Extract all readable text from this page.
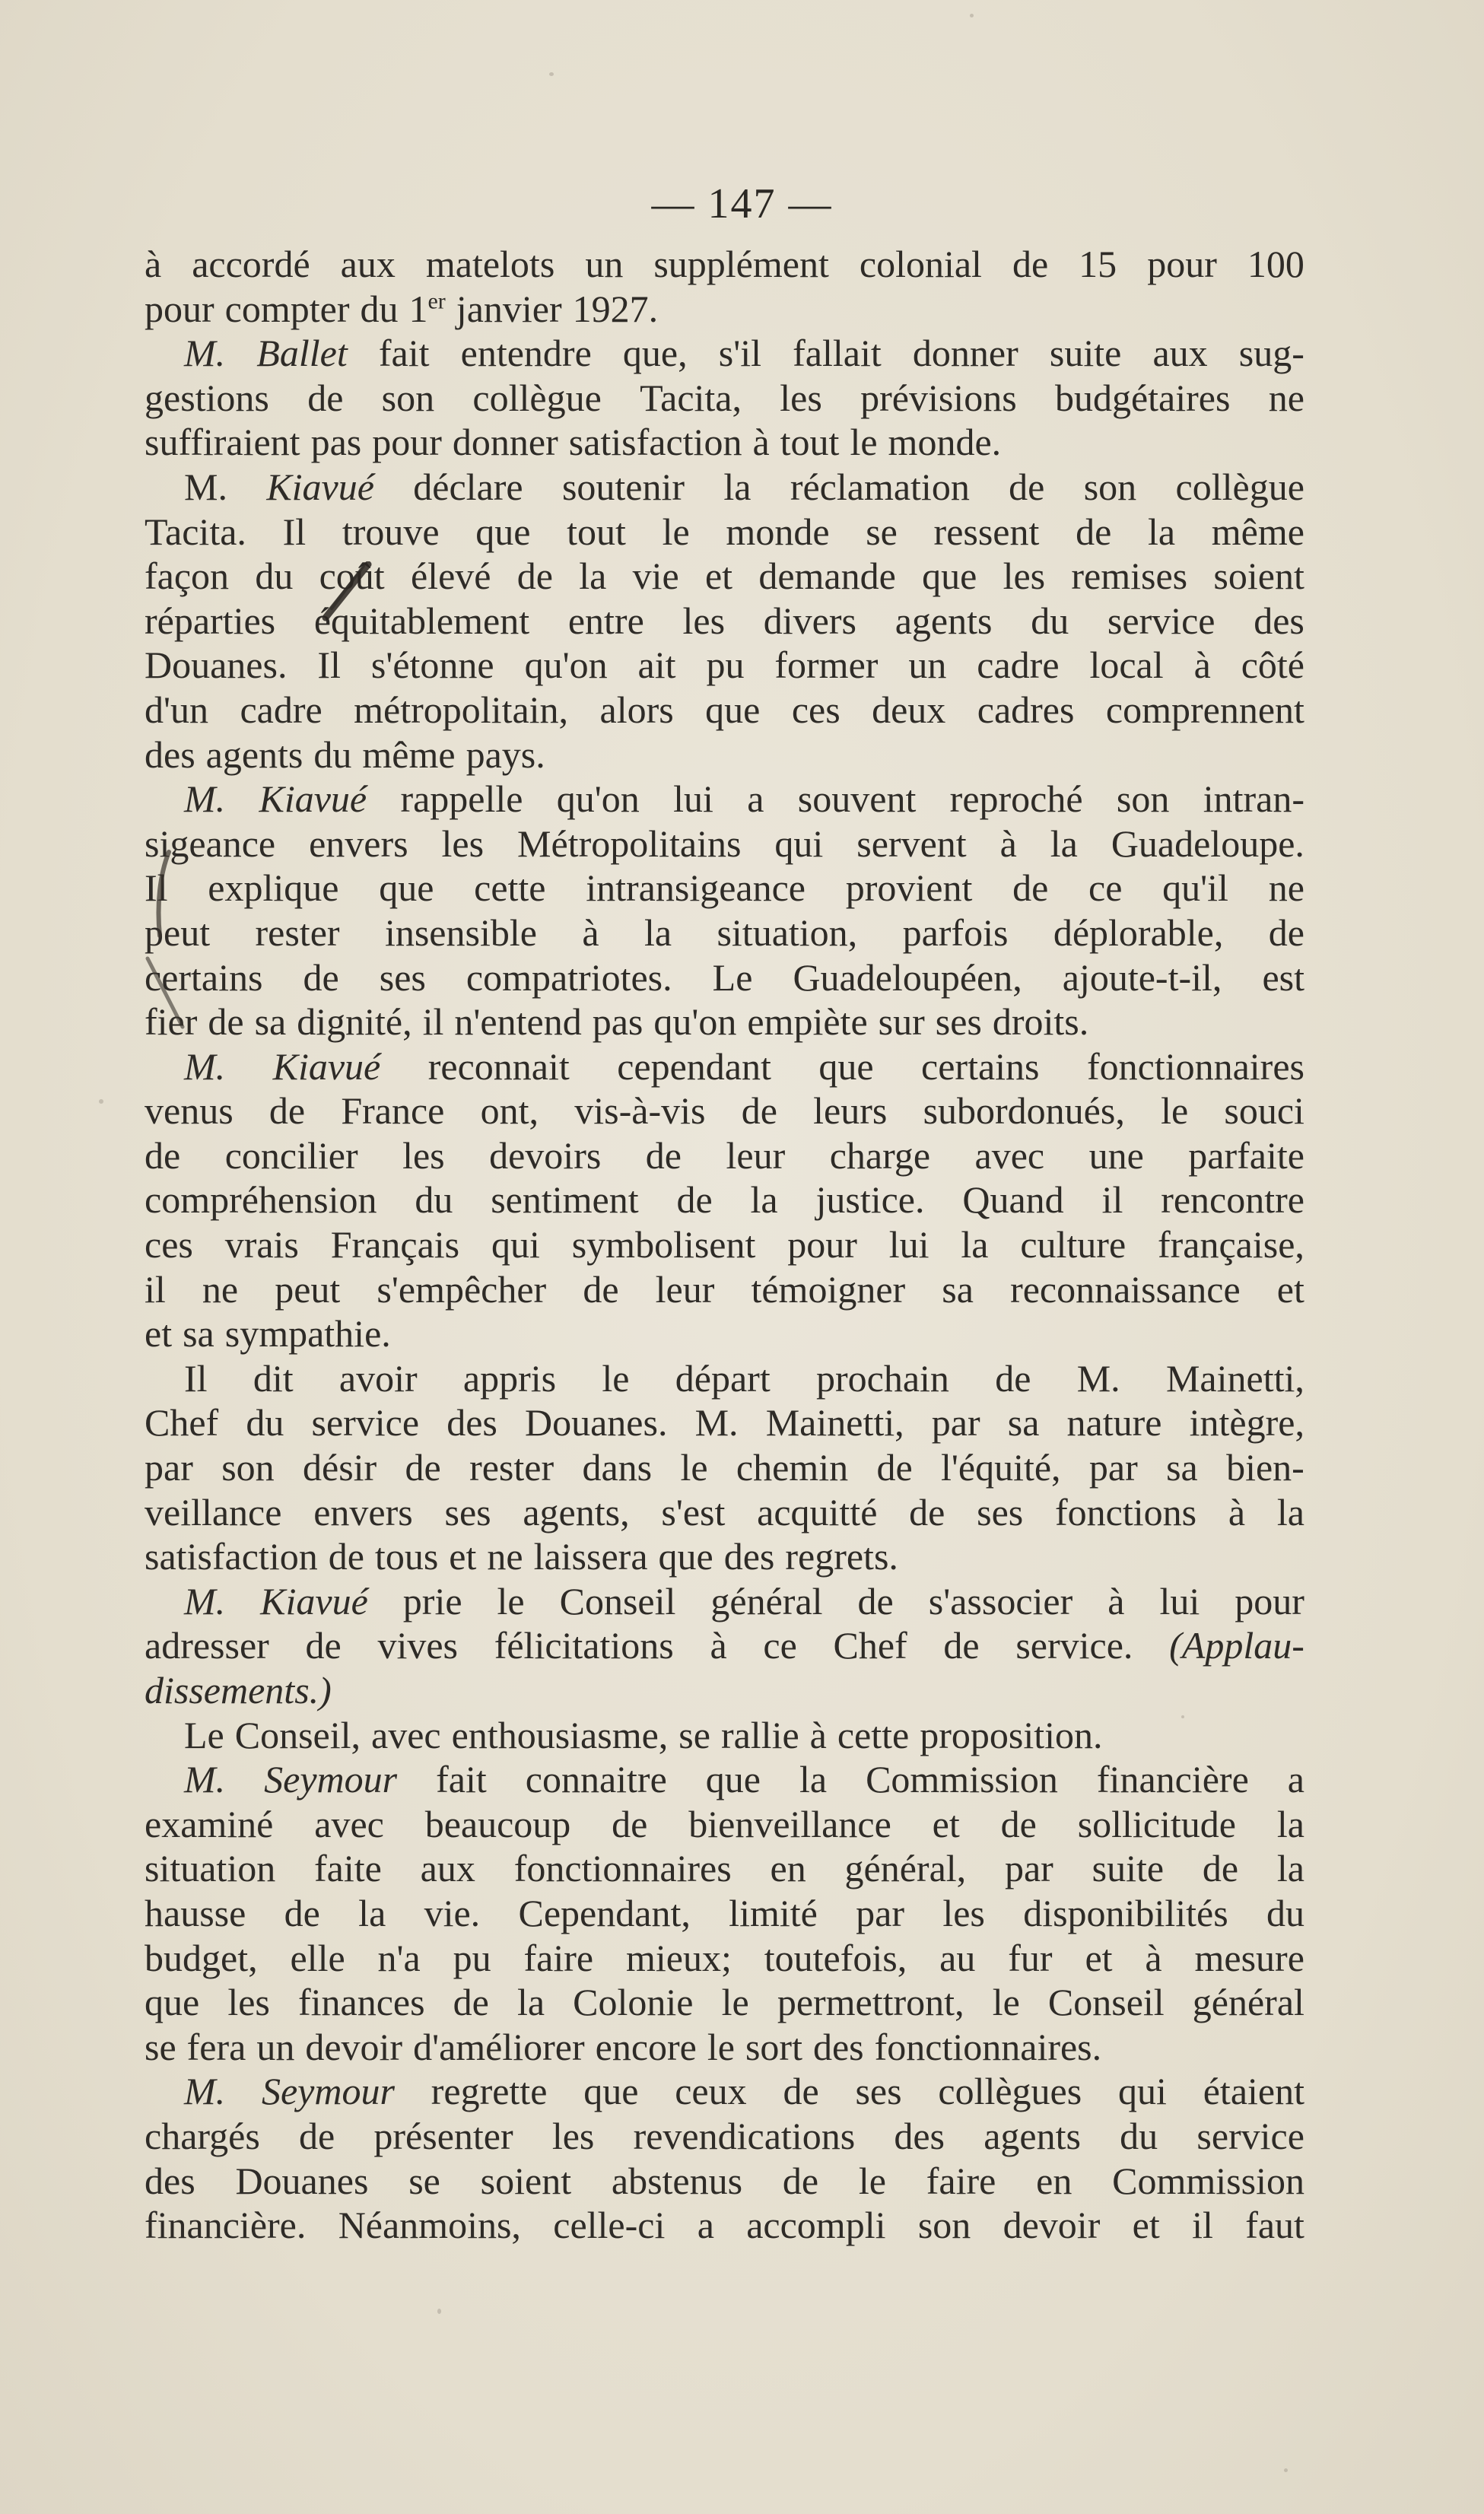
— 147 —
à accordé aux matelots un supplément colonial de 15 pour 100
pour compter du 1er janvier 1927.
M. Ballet fait entendre que, s'il fallait donner suite aux sug-
gestions de son collègue Tacita, les prévisions budgétaires ne
suffiraient pas pour donner satisfaction à tout le monde.
M. Kiavué déclare soutenir la réclamation de son collègue
Tacita. Il trouve que tout le monde se ressent de la même
façon du coût élevé de la vie et demande que les remises soient
réparties équitablement entre les divers agents du service des
Douanes. Il s'étonne qu'on ait pu former un cadre local à côté
d'un cadre métropolitain, alors que ces deux cadres comprennent
des agents du même pays.
M. Kiavué rappelle qu'on lui a souvent reproché son intran-
sigeance envers les Métropolitains qui servent à la Guadeloupe.
Il explique que cette intransigeance provient de ce qu'il ne
peut rester insensible à la situation, parfois déplorable, de
certains de ses compatriotes. Le Guadeloupéen, ajoute-t-il, est
fier de sa dignité, il n'entend pas qu'on empiète sur ses droits.
M. Kiavué reconnait cependant que certains fonctionnaires
venus de France ont, vis-à-vis de leurs subordonués, le souci
de concilier les devoirs de leur charge avec une parfaite
compréhension du sentiment de la justice. Quand il rencontre
ces vrais Français qui symbolisent pour lui la culture française,
il ne peut s'empêcher de leur témoigner sa reconnaissance et
et sa sympathie.
Il dit avoir appris le départ prochain de M. Mainetti,
Chef du service des Douanes. M. Mainetti, par sa nature intègre,
par son désir de rester dans le chemin de l'équité, par sa bien-
veillance envers ses agents, s'est acquitté de ses fonctions à la
satisfaction de tous et ne laissera que des regrets.
M. Kiavué prie le Conseil général de s'associer à lui pour
adresser de vives félicitations à ce Chef de service. (Applau-
dissements.)
Le Conseil, avec enthousiasme, se rallie à cette proposition.
M. Seymour fait connaitre que la Commission financière a
examiné avec beaucoup de bienveillance et de sollicitude la
situation faite aux fonctionnaires en général, par suite de la
hausse de la vie. Cependant, limité par les disponibilités du
budget, elle n'a pu faire mieux; toutefois, au fur et à mesure
que les finances de la Colonie le permettront, le Conseil général
se fera un devoir d'améliorer encore le sort des fonctionnaires.
M. Seymour regrette que ceux de ses collègues qui étaient
chargés de présenter les revendications des agents du service
des Douanes se soient abstenus de le faire en Commission
financière. Néanmoins, celle-ci a accompli son devoir et il faut
